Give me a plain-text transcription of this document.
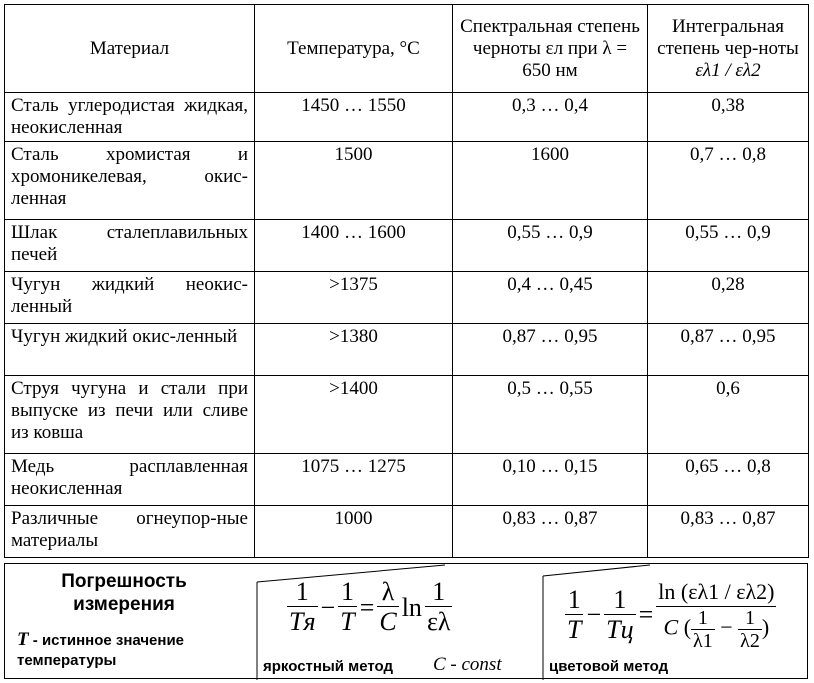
Материал	Температура, °С	Спектральная степень черноты εл при λ = 650 нм	Интегральная степень чер-ноты ελ1 / ελ2
Сталь углеродистая жидкая, неокисленная	1450 … 1550	0,3 … 0,4	0,38
Сталь хромистая и хромоникелевая, окис-ленная	1500	1600	0,7 … 0,8
Шлак сталеплавильных печей	1400 … 1600	0,55 … 0,9	0,55 … 0,9
Чугун жидкий неокис-ленный	>1375	0,4 … 0,45	0,28
Чугун жидкий окис-ленный	>1380	0,87 … 0,95	0,87 … 0,95
Струя чугуна и стали при выпуске из печи или сливе из ковша	>1400	0,5 … 0,55	0,6
Медь расплавленная неокисленная	1075 … 1275	0,10 … 0,15	0,65 … 0,8
Различные огнеупор-ные материалы	1000	0,83 … 0,87	0,83 … 0,87
Погрешность
измерения
T - истинное значение температуры
$\frac{1}{Tя} - \frac{1}{T} = \frac{\lambda}{C}$ $\ln \frac{1}{\varepsilon\lambda}$
яркостный метод C - const
$\frac{1}{T} - \frac{1}{Tц} = \frac{\ln (\varepsilon\lambda 1 / \varepsilon\lambda 2)}{C ( \frac{1}{\lambda 1} - \frac{1}{\lambda 2} )}$
цветовой метод
